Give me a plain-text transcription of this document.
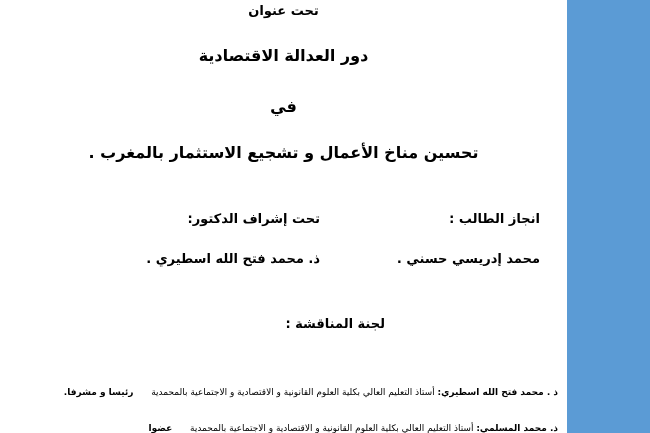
تحت عنوان
دور العدالة الاقتصادية
في
تحسين مناخ الأعمال و تشجيع الاستثمار بالمغرب .
انجاز الطالب :
تحت إشراف الدكتور:
محمد إدريسي حسني .
ذ. محمد فتح الله اسطيري .
لجنة المناقشة :
ذ . محمد فتح الله اسطيري: أستاذ التعليم العالي بكلية العلوم القانونية و الاقتصادية و الاجتماعية بالمحمدية  رئيسا و مشرفا.
ذ. محمد المسلمي: أستاذ التعليم العالي بكلية العلوم القانونية و الاقتصادية و الاجتماعية بالمحمدية  عضوا
